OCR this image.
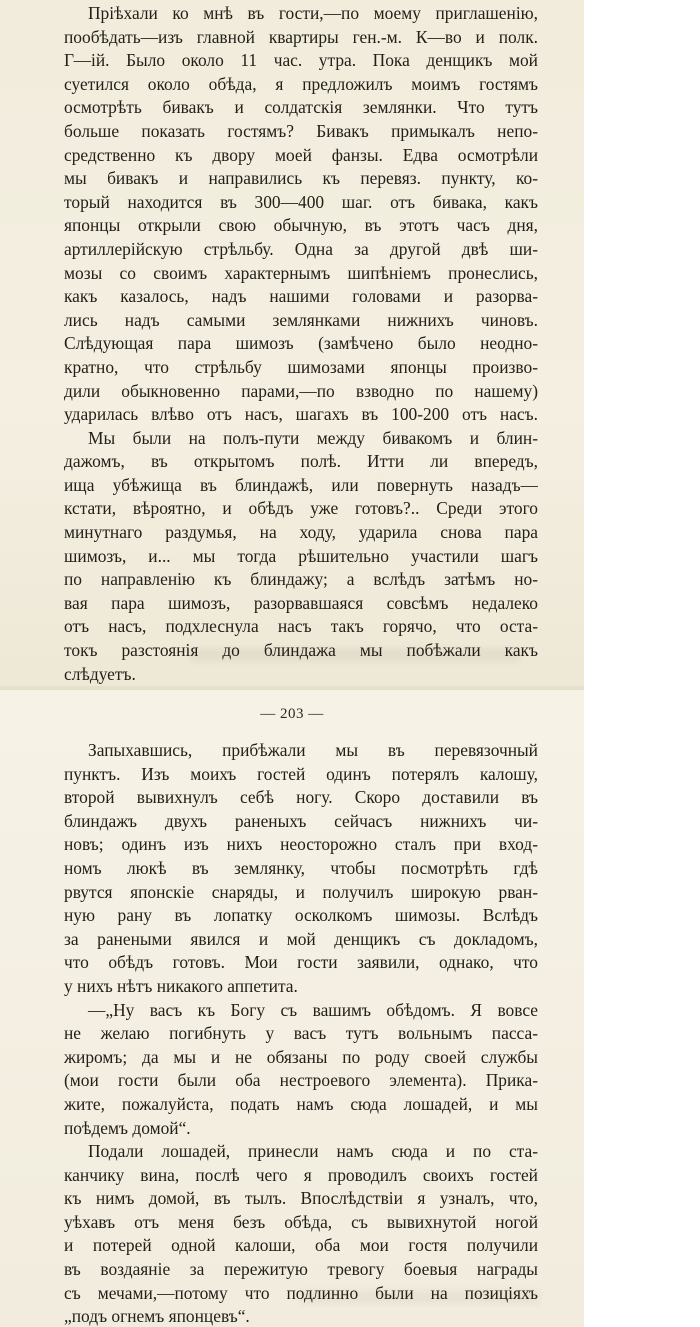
Пріѣхали ко мнѣ въ гости,—по моему приглашенію,
пообѣдать—изъ главной квартиры ген.-м. К—во и полк.
Г—ій. Было около 11 час. утра. Пока денщикъ мой
суетился около обѣда, я предложилъ моимъ гостямъ
осмотрѣть бивакъ и солдатскія землянки. Что тутъ
больше показать гостямъ? Бивакъ примыкалъ непо-
средственно къ двору моей фанзы. Едва осмотрѣли
мы бивакъ и направились къ перевяз. пункту, ко-
торый находится въ 300—400 шаг. отъ бивака, какъ
японцы открыли свою обычную, въ этотъ часъ дня,
артиллерійскую стрѣльбу. Одна за другой двѣ ши-
мозы со своимъ характернымъ шипѣніемъ пронеслись,
какъ казалось, надъ нашими головами и разорва-
лись надъ самыми землянками нижнихъ чиновъ.
Слѣдующая пара шимозъ (замѣчено было неодно-
кратно, что стрѣльбу шимозами японцы произво-
дили обыкновенно парами,—по взводно по нашему)
ударилась влѣво отъ насъ, шагахъ въ 100-200 отъ насъ.
Мы были на полъ-пути между бивакомъ и блин-
дажомъ, въ открытомъ полѣ. Итти ли впередъ,
ища убѣжища въ блиндажѣ, или повернуть назадъ—
кстати, вѣроятно, и обѣдъ уже готовъ?.. Среди этого
минутнаго раздумья, на ходу, ударила снова пара
шимозъ, и... мы тогда рѣшительно участили шагъ
по направленію къ блиндажу; а вслѣдъ затѣмъ но-
вая пара шимозъ, разорвавшаяся совсѣмъ недалеко
отъ насъ, подхлеснула насъ такъ горячо, что оста-
токъ разстоянія до блиндажа мы побѣжали какъ
слѣдуетъ.
— 203 —
Запыхавшись, прибѣжали мы въ перевязочный
пунктъ. Изъ моихъ гостей одинъ потерялъ калошу,
второй вывихнулъ себѣ ногу. Скоро доставили въ
блиндажъ двухъ раненыхъ сейчасъ нижнихъ чи-
новъ; одинъ изъ нихъ неосторожно сталъ при вход-
номъ люкѣ въ землянку, чтобы посмотрѣть гдѣ
рвутся японскіе снаряды, и получилъ широкую рван-
ную рану въ лопатку осколкомъ шимозы. Вслѣдъ
за ранеными явился и мой денщикъ съ докладомъ,
что обѣдъ готовъ. Мои гости заявили, однако, что
у нихъ нѣтъ никакого аппетита.
—„Ну васъ къ Богу съ вашимъ обѣдомъ. Я вовсе
не желаю погибнуть у васъ тутъ вольнымъ пасса-
жиромъ; да мы и не обязаны по роду своей службы
(мои гости были оба нестроевого элемента). Прика-
жите, пожалуйста, подать намъ сюда лошадей, и мы
поѣдемъ домой“.
Подали лошадей, принесли намъ сюда и по ста-
канчику вина, послѣ чего я проводилъ своихъ гостей
къ нимъ домой, въ тылъ. Впослѣдствіи я узналъ, что,
уѣхавъ отъ меня безъ обѣда, съ вывихнутой ногой
и потерей одной калоши, оба мои гостя получили
въ воздаяніе за пережитую тревогу боевыя награды
съ мечами,—потому что подлинно были на позиціяхъ
„подъ огнемъ японцевъ“.
